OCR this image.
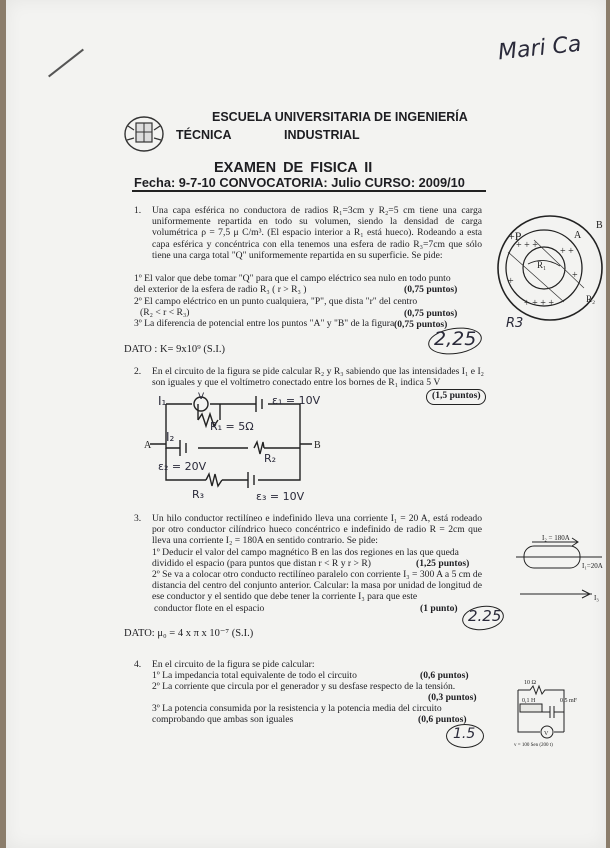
Mari Ca
ESCUELA UNIVERSITARIA DE INGENIERÍA
TÉCNICA	INDUSTRIAL
EXAMEN DE FISICA II
Fecha: 9-7-10 CONVOCATORIA: Julio CURSO: 2009/10
1. Una capa esférica no conductora de radios R₁=3cm y R₂=5 cm tiene una carga uniformemente repartida en todo su volumen, siendo la densidad de carga volumétrica ρ = 7,5 μ C/m³. (El espacio interior a R₁ está hueco). Rodeando a esta capa esférica y concéntrica con ella tenemos una esfera de radio R₃=7cm que sólo tiene una carga total "Q" uniformemente repartida en su superficie. Se pide:
1º El valor que debe tomar "Q" para que el campo eléctrico sea nulo en todo punto
del exterior de la esfera de radio R₃ ( r > R₃ )	(0,75 puntos)
2º El campo eléctrico en un punto cualquiera, "P", que dista "r" del centro
(R₂ < r < R₃)	(0,75 puntos)
3º La diferencia de potencial entre los puntos "A" y "B" de la figura (0,75 puntos)
DATO : K= 9x10⁹ (S.I.)	2,25
R3
+P
B
A
R₁
R₂
+ + +
+ +
+
+
+ + + +
2. En el circuito de la figura se pide calcular R₂ y R₃ sabiendo que las intensidades I₁ e I₂ son iguales y que el voltímetro conectado entre los bornes de R₁ indica 5 V
(1,5 puntos)
A	B
I₁	V	ε₁ = 10V
R₁ = 5Ω
I₂
R₂
ε₂ = 20V
R₃	ε₃ = 10V
3. Un hilo conductor rectilíneo e indefinido lleva una corriente I₁ = 20 A, está rodeado por otro conductor cilíndrico hueco concéntrico e indefinido de radio R = 2cm que lleva una corriente I₂ = 180A en sentido contrario. Se pide:
1º Deducir el valor del campo magnético B en las dos regiones en las que queda
dividido el espacio (para puntos que distan r < R y r > R)	(1,25 puntos)
2º Se va a colocar otro conducto rectilíneo paralelo con corriente I₃ = 300 A a 5 cm de distancia del centro del conjunto anterior. Calcular: la masa por unidad de longitud de ese conductor y el sentido que debe tener la corriente I₃ para que este
conductor flote en el espacio	(1 punto)
DATO: μ₀ = 4 x π x 10⁻⁷ (S.I.)
2.25
I₂ = 180A
I₁=20A
I₃
4. En el circuito de la figura se pide calcular:
1º La impedancia total equivalente de todo el circuito	(0,6 puntos)
2º La corriente que circula por el generador y su desfase respecto de la tensión.
(0,3 puntos)
3º La potencia consumida por la resistencia y la potencia media del circuito comprobando que ambas son iguales	(0,6 puntos)
1.5
10 Ω
0,5 mF
0,1 H
V
v = 100 Sen (200 t)
